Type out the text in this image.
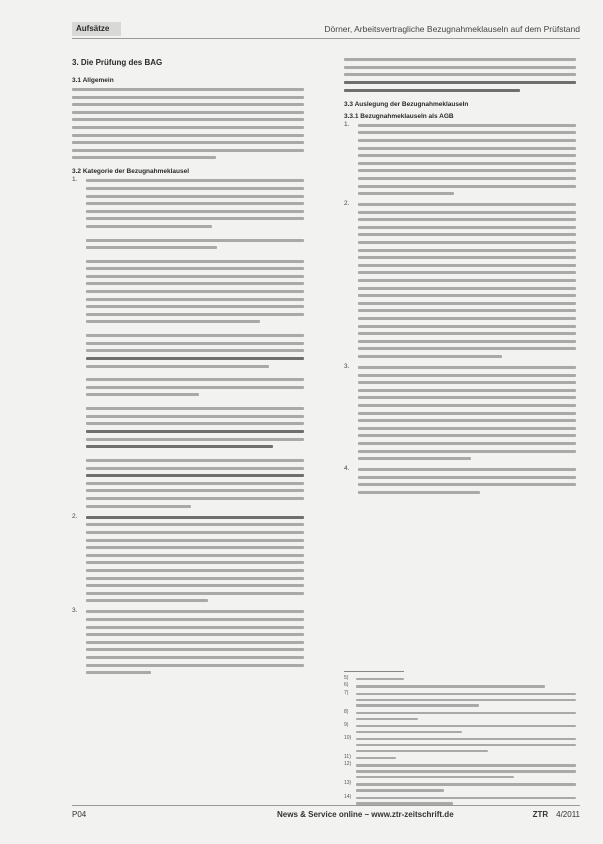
Aufsätze	Dörner, Arbeitsvertragliche Bezugnahmeklauseln auf dem Prüfstand
3. Die Prüfung des BAG
3.1 Allgemein
3.2 Kategorie der Bezugnahmeklausel
1.
2.
3.
3.3 Auslegung der Bezugnahmeklauseln
3.3.1 Bezugnahmeklauseln als AGB
1.
2.
3.
4.
5)
6)
7)
8)
9)
10)
11)
12)
13)
14)
P04	News & Service online – www.ztr-zeitschrift.de	ZTR 4/2011
